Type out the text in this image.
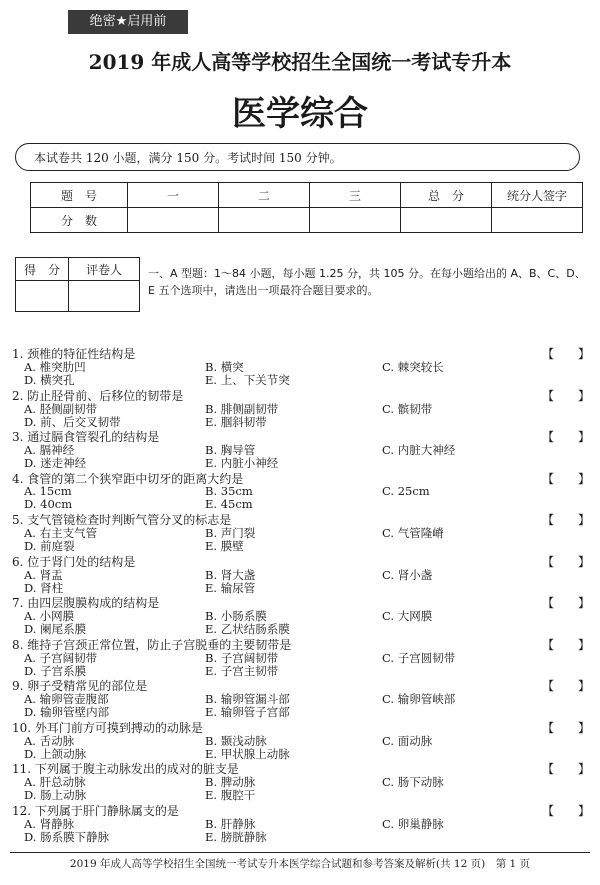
绝密★启用前
2019 年成人高等学校招生全国统一考试专升本
医学综合
本试卷共 120 小题，满分 150 分。考试时间 150 分钟。
题　号	一	二	三	总　分	统分人签字
分　数					
得　分	评卷人
	一、A 型题：1～84 小题，每小题 1.25 分，共 105 分。在每小题给出的 A、B、C、D、E 五个选项中，请选出一项最符合题目要求的。
1. 颈椎的特征性结构是
A. 椎突肋凹	B. 横突	C. 棘突较长
D. 横突孔	E. 上、下关节突
【　　】
2. 防止胫骨前、后移位的韧带是
A. 胫侧副韧带	B. 腓侧副韧带	C. 髌韧带
D. 前、后交叉韧带	E. 腘斜韧带
【　　】
3. 通过膈食管裂孔的结构是
A. 膈神经	B. 胸导管	C. 内脏大神经
D. 迷走神经	E. 内脏小神经
【　　】
4. 食管的第二个狭窄距中切牙的距离大约是
A. 15cm	B. 35cm	C. 25cm
D. 40cm	E. 45cm
【　　】
5. 支气管镜检查时判断气管分叉的标志是
A. 右主支气管	B. 声门裂	C. 气管隆嵴
D. 前庭裂	E. 膜壁
【　　】
6. 位于肾门处的结构是
A. 肾盂	B. 肾大盏	C. 肾小盏
D. 肾柱	E. 输尿管
【　　】
7. 由四层腹膜构成的结构是
A. 小网膜	B. 小肠系膜	C. 大网膜
D. 阑尾系膜	E. 乙状结肠系膜
【　　】
8. 维持子宫颈正常位置，防止子宫脱垂的主要韧带是
A. 子宫阔韧带	B. 子宫阔韧带	C. 子宫圆韧带
D. 子宫系膜	E. 子宫主韧带
【　　】
9. 卵子受精常见的部位是
A. 输卵管壶腹部	B. 输卵管漏斗部	C. 输卵管峡部
D. 输卵管壁内部	E. 输卵管子宫部
【　　】
10. 外耳门前方可摸到搏动的动脉是
A. 舌动脉	B. 颞浅动脉	C. 面动脉
D. 上颌动脉	E. 甲状腺上动脉
【　　】
11. 下列属于腹主动脉发出的成对的脏支是
A. 肝总动脉	B. 脾动脉	C. 肠下动脉
D. 肠上动脉	E. 腹腔干
【　　】
12. 下列属于肝门静脉属支的是
A. 肾静脉	B. 肝静脉	C. 卵巢静脉
D. 肠系膜下静脉	E. 膀胱静脉
【　　】
2019 年成人高等学校招生全国统一考试专升本医学综合试题和参考答案及解析(共 12 页)　第 1 页
